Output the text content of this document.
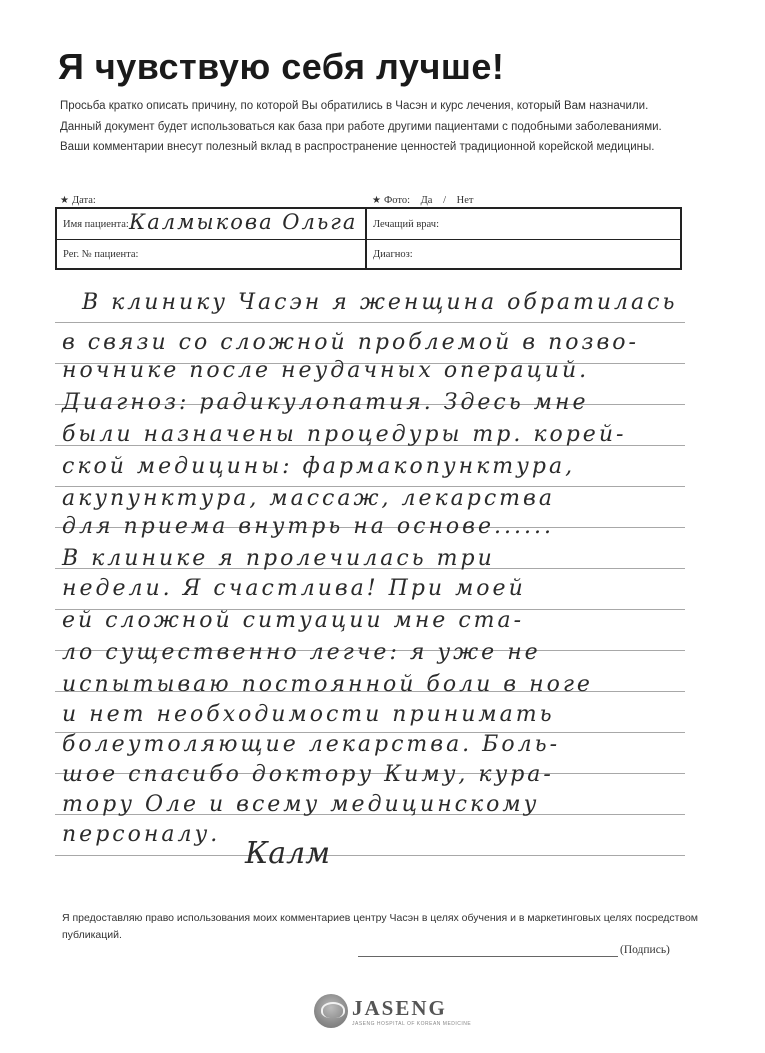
Я чувствую себя лучше!
Просьба кратко описать причину, по которой Вы обратились в Часэн и курс лечения, который Вам назначили.
Данный документ будет использоваться как база при работе другими пациентами с подобными заболеваниями.
Ваши комментарии внесут полезный вклад в распространение ценностей традиционной корейской медицины.
★ Дата:	★ Фото: Да / Нет
Имя пациента: Калмыкова Ольга Лечащий врач:
Рег. № пациента:	Диагноз:
В клинику Часэн я женщина обратилась
в связи со сложной проблемой в позво-
ночнике после неудачных операций.
Диагноз: радикулопатия. Здесь мне
были назначены процедуры тр. корей-
ской медицины: фармакопунктура,
акупунктура, массаж, лекарства
для приема внутрь на основе......
В клинике я пролечилась три
недели. Я счастлива! При моей
ей сложной ситуации мне ста-
ло существенно легче: я уже не
испытываю постоянной боли в ноге
и нет необходимости принимать
болеутоляющие лекарства. Боль-
шое спасибо доктору Киму, кура-
тору Оле и всему медицинскому
персоналу.
Калм
Я предоставляю право использования моих комментариев центру Часэн в целях обучения и в маркетинговых целях посредством публикаций.
(Подпись)
JASENG
JASENG HOSPITAL OF KOREAN MEDICINE
